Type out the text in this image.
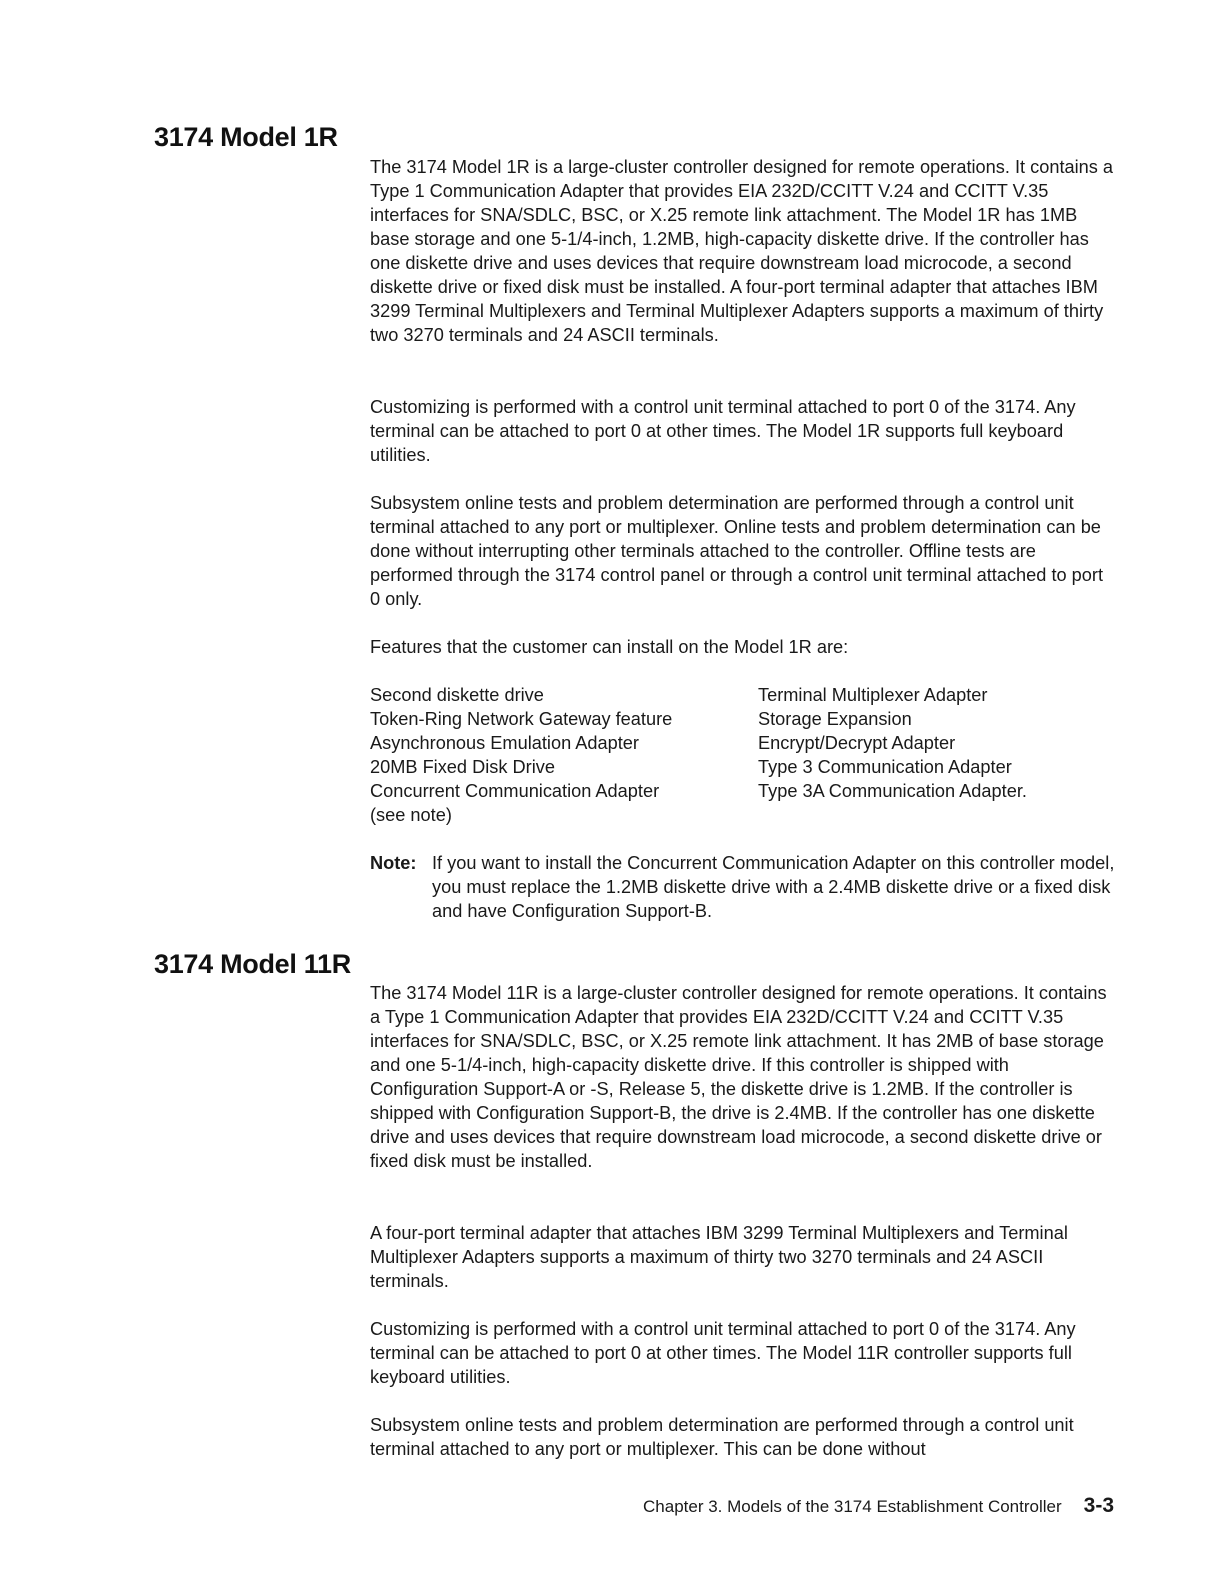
3174 Model 1R

The 3174 Model 1R is a large-cluster controller designed for remote operations. It contains a Type 1 Communication Adapter that provides EIA 232D/CCITT V.24 and CCITT V.35 interfaces for SNA/SDLC, BSC, or X.25 remote link attachment. The Model 1R has 1MB base storage and one 5-1/4-inch, 1.2MB, high-capacity diskette drive. If the controller has one diskette drive and uses devices that require downstream load microcode, a second diskette drive or fixed disk must be installed. A four-port terminal adapter that attaches IBM 3299 Terminal Multiplexers and Terminal Multiplexer Adapters supports a maximum of thirty two 3270 terminals and 24 ASCII terminals.

Customizing is performed with a control unit terminal attached to port 0 of the 3174. Any terminal can be attached to port 0 at other times. The Model 1R supports full keyboard utilities.

Subsystem online tests and problem determination are performed through a control unit terminal attached to any port or multiplexer. Online tests and problem determination can be done without interrupting other terminals attached to the controller. Offline tests are performed through the 3174 control panel or through a control unit terminal attached to port 0 only.

Features that the customer can install on the Model 1R are:

Second diskette drive
Token-Ring Network Gateway feature
Asynchronous Emulation Adapter
20MB Fixed Disk Drive
Concurrent Communication Adapter
(see note)
Terminal Multiplexer Adapter
Storage Expansion
Encrypt/Decrypt Adapter
Type 3 Communication Adapter
Type 3A Communication Adapter.
Note: If you want to install the Concurrent Communication Adapter on this controller model, you must replace the 1.2MB diskette drive with a 2.4MB diskette drive or a fixed disk and have Configuration Support-B.
3174 Model 11R

The 3174 Model 11R is a large-cluster controller designed for remote operations. It contains a Type 1 Communication Adapter that provides EIA 232D/CCITT V.24 and CCITT V.35 interfaces for SNA/SDLC, BSC, or X.25 remote link attachment. It has 2MB of base storage and one 5-1/4-inch, high-capacity diskette drive. If this controller is shipped with Configuration Support-A or -S, Release 5, the diskette drive is 1.2MB. If the controller is shipped with Configuration Support-B, the drive is 2.4MB. If the controller has one diskette drive and uses devices that require downstream load microcode, a second diskette drive or fixed disk must be installed.

A four-port terminal adapter that attaches IBM 3299 Terminal Multiplexers and Terminal Multiplexer Adapters supports a maximum of thirty two 3270 terminals and 24 ASCII terminals.

Customizing is performed with a control unit terminal attached to port 0 of the 3174. Any terminal can be attached to port 0 at other times. The Model 11R controller supports full keyboard utilities.

Subsystem online tests and problem determination are performed through a control unit terminal attached to any port or multiplexer. This can be done without

Chapter 3. Models of the 3174 Establishment Controller 3-3
